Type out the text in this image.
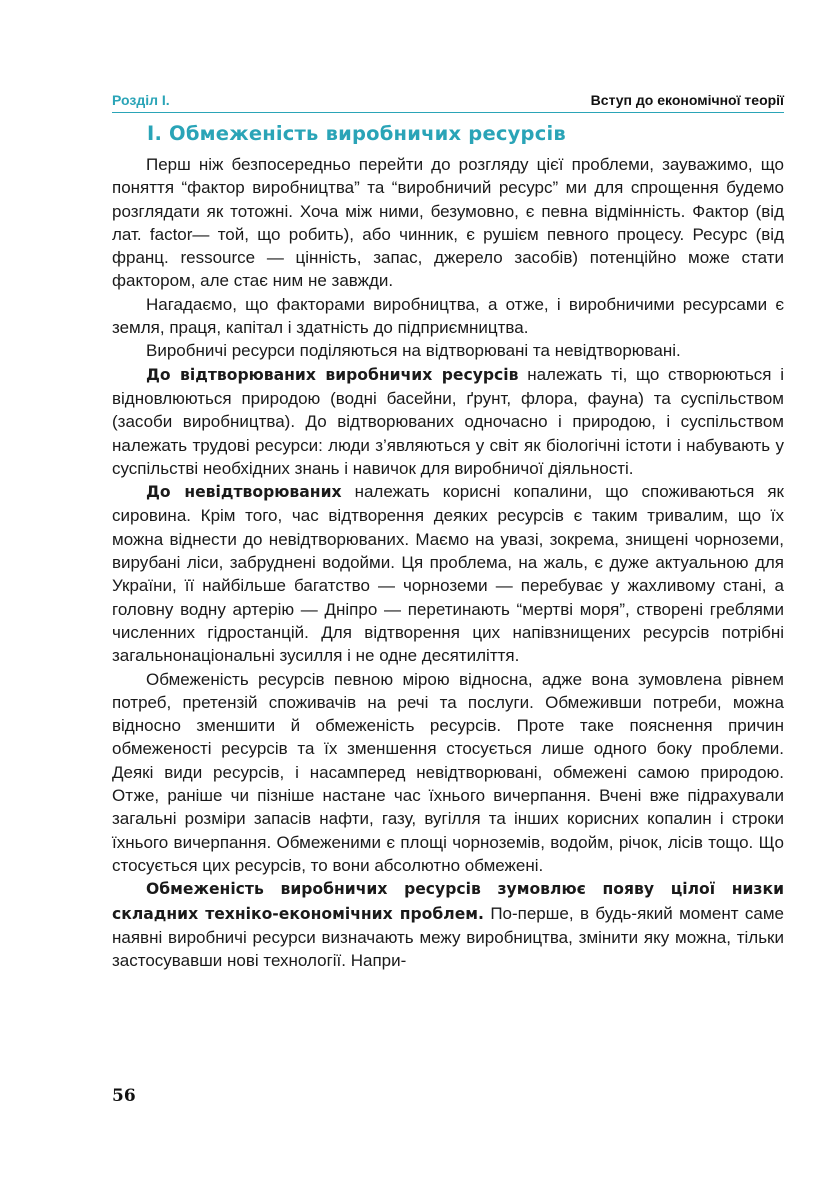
Розділ І.	Вступ до економічної теорії
І. Обмеженість виробничих ресурсів

Перш ніж безпосередньо перейти до розгляду цієї проблеми, зауважимо, що поняття “фактор виробництва” та “виробничий ресурс” ми для спрощення будемо розглядати як тотожні. Хоча між ними, безумовно, є певна відмінність. Фактор (від лат. factor— той, що робить), або чинник, є рушієм певного процесу. Ресурс (від франц. ressource — цінність, запас, джерело засобів) потенційно може стати фактором, але стає ним не завжди.

Нагадаємо, що факторами виробництва, а отже, і виробничими ресурсами є земля, праця, капітал і здатність до підприємництва.

Виробничі ресурси поділяються на відтворювані та невідтворювані.

До відтворюваних виробничих ресурсів належать ті, що створюються і відновлюються природою (водні басейни, ґрунт, флора, фауна) та суспільством (засоби виробництва). До відтворюваних одночасно і природою, і суспільством належать трудові ресурси: люди з’являються у світ як біологічні істоти і набувають у суспільстві необхідних знань і навичок для виробничої діяльності.

До невідтворюваних належать корисні копалини, що споживаються як сировина. Крім того, час відтворення деяких ресурсів є таким тривалим, що їх можна віднести до невідтворюваних. Маємо на увазі, зокрема, знищені чорноземи, вирубані ліси, забруднені водойми. Ця проблема, на жаль, є дуже актуальною для України, її найбільше багатство — чорноземи — перебуває у жахливому стані, а головну водну артерію — Дніпро — перетинають “мертві моря”, створені греблями численних гідростанцій. Для відтворення цих напівзнищених ресурсів потрібні загальнонаціональні зусилля і не одне десятиліття.

Обмеженість ресурсів певною мірою відносна, адже вона зумовлена рівнем потреб, претензій споживачів на речі та послуги. Обмеживши потреби, можна відносно зменшити й обмеженість ресурсів. Проте таке пояснення причин обмеженості ресурсів та їх зменшення стосується лише одного боку проблеми. Деякі види ресурсів, і насамперед невідтворювані, обмежені самою природою. Отже, раніше чи пізніше настане час їхнього вичерпання. Вчені вже підрахували загальні розміри запасів нафти, газу, вугілля та інших корисних копалин і строки їхнього вичерпання. Обмеженими є площі чорноземів, водойм, річок, лісів тощо. Що стосується цих ресурсів, то вони абсолютно обмежені.

Обмеженість виробничих ресурсів зумовлює появу цілої низки складних техніко-економічних проблем. По-перше, в будь-який момент саме наявні виробничі ресурси визначають межу виробництва, змінити яку можна, тільки застосувавши нові технології. Напри-

56
